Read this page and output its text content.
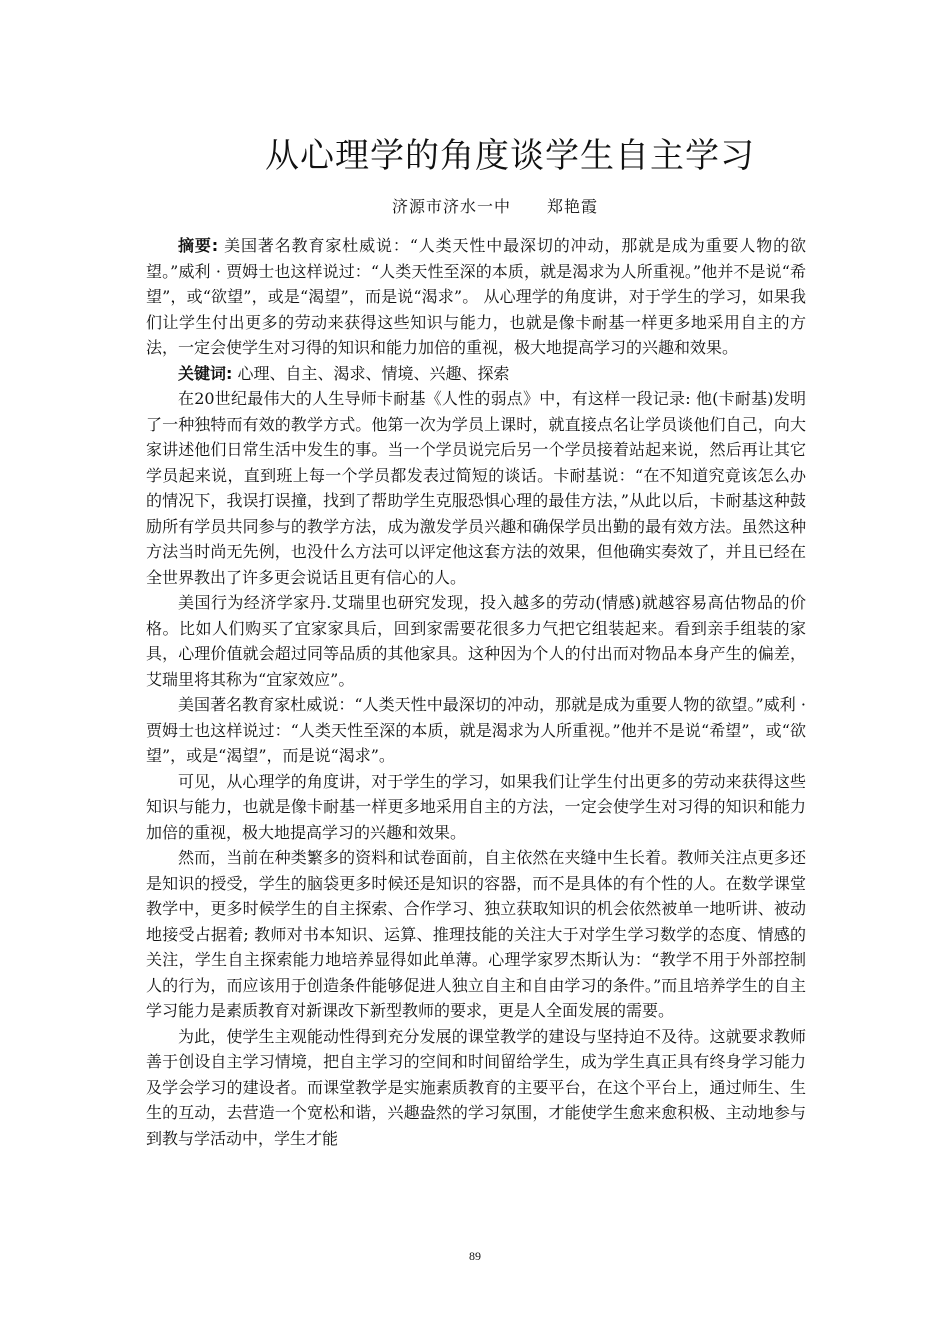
从心理学的角度谈学生自主学习
济源市济水一中 郑艳霞

摘要: 美国著名教育家杜威说：“人类天性中最深切的冲动，那就是成为重要人物的欲望。”威利 · 贾姆士也这样说过：“人类天性至深的本质，就是渴求为人所重视。”他并不是说“希望”，或“欲望”，或是“渴望”，而是说“渴求”。 从心理学的角度讲，对于学生的学习，如果我们让学生付出更多的劳动来获得这些知识与能力，也就是像卡耐基一样更多地采用自主的方法，一定会使学生对习得的知识和能力加倍的重视，极大地提高学习的兴趣和效果。

关键词: 心理、自主、渴求、情境、兴趣、探索

在20世纪最伟大的人生导师卡耐基《人性的弱点》中，有这样一段记录: 他(卡耐基)发明了一种独特而有效的教学方式。他第一次为学员上课时，就直接点名让学员谈他们自己，向大家讲述他们日常生活中发生的事。当一个学员说完后另一个学员接着站起来说，然后再让其它学员起来说，直到班上每一个学员都发表过简短的谈话。卡耐基说：“在不知道究竟该怎么办的情况下，我误打误撞，找到了帮助学生克服恐惧心理的最佳方法，”从此以后，卡耐基这种鼓励所有学员共同参与的教学方法，成为激发学员兴趣和确保学员出勤的最有效方法。虽然这种方法当时尚无先例，也没什么方法可以评定他这套方法的效果，但他确实奏效了，并且已经在全世界教出了许多更会说话且更有信心的人。

美国行为经济学家丹.艾瑞里也研究发现，投入越多的劳动(情感)就越容易高估物品的价格。比如人们购买了宜家家具后，回到家需要花很多力气把它组装起来。看到亲手组装的家具，心理价值就会超过同等品质的其他家具。这种因为个人的付出而对物品本身产生的偏差，艾瑞里将其称为“宜家效应”。

美国著名教育家杜威说：“人类天性中最深切的冲动，那就是成为重要人物的欲望。”威利 · 贾姆士也这样说过：“人类天性至深的本质，就是渴求为人所重视。”他并不是说“希望”，或“欲望”，或是“渴望”，而是说“渴求”。

可见，从心理学的角度讲，对于学生的学习，如果我们让学生付出更多的劳动来获得这些知识与能力，也就是像卡耐基一样更多地采用自主的方法，一定会使学生对习得的知识和能力加倍的重视，极大地提高学习的兴趣和效果。

然而，当前在种类繁多的资料和试卷面前，自主依然在夹缝中生长着。教师关注点更多还是知识的授受，学生的脑袋更多时候还是知识的容器，而不是具体的有个性的人。在数学课堂教学中，更多时候学生的自主探索、合作学习、独立获取知识的机会依然被单一地听讲、被动地接受占据着; 教师对书本知识、运算、推理技能的关注大于对学生学习数学的态度、情感的关注，学生自主探索能力地培养显得如此单薄。心理学家罗杰斯认为：“教学不用于外部控制人的行为，而应该用于创造条件能够促进人独立自主和自由学习的条件。”而且培养学生的自主学习能力是素质教育对新课改下新型教师的要求，更是人全面发展的需要。

为此，使学生主观能动性得到充分发展的课堂教学的建设与坚持迫不及待。这就要求教师善于创设自主学习情境，把自主学习的空间和时间留给学生，成为学生真正具有终身学习能力及学会学习的建设者。而课堂教学是实施素质教育的主要平台，在这个平台上，通过师生、生生的互动，去营造一个宽松和谐，兴趣盎然的学习氛围，才能使学生愈来愈积极、主动地参与到教与学活动中，学生才能

89
